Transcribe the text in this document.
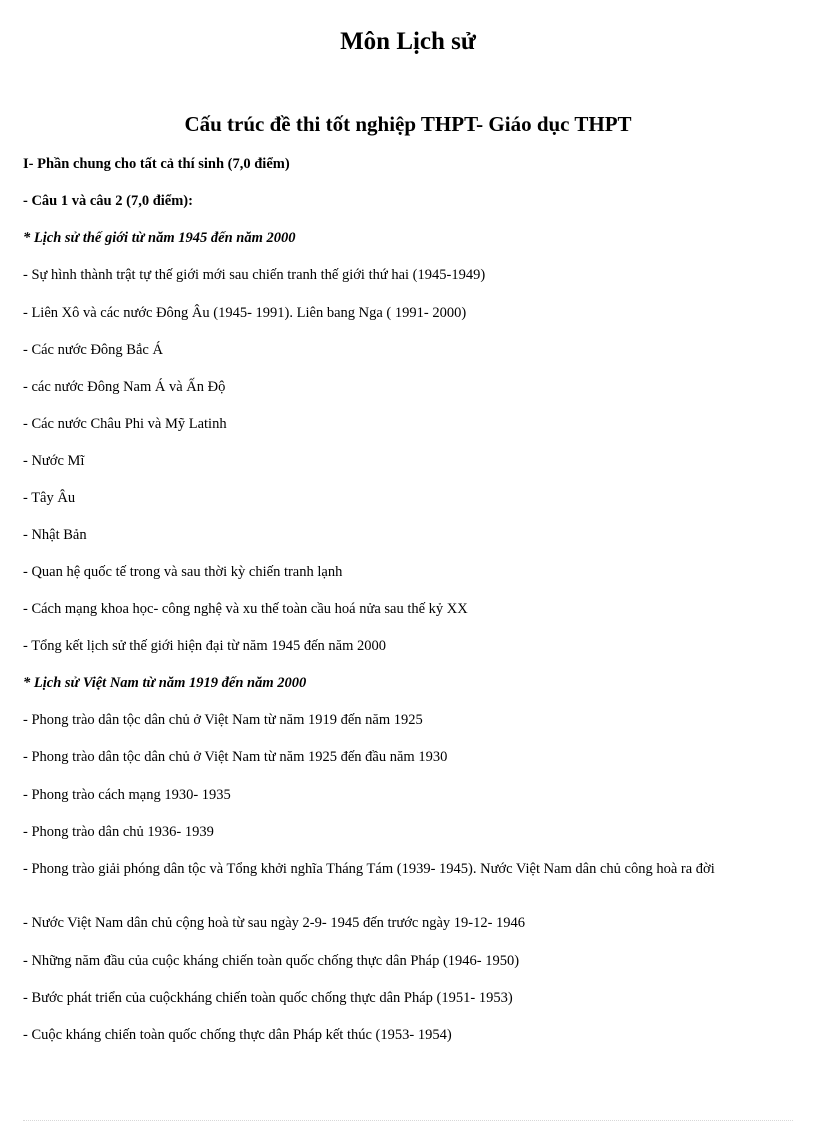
Môn Lịch sử
Cấu trúc đề thi tốt nghiệp THPT- Giáo dục THPT
I- Phần chung cho tất cả thí sinh (7,0 điểm)
- Câu 1 và câu 2 (7,0 điểm):
* Lịch sử thế giới từ năm 1945 đến năm 2000
- Sự hình thành trật tự thế giới mới sau chiến tranh thế giới thứ hai (1945-1949)
- Liên Xô và các nước Đông Âu (1945- 1991). Liên bang Nga ( 1991- 2000)
- Các nước Đông Bắc Á
- các nước Đông Nam Á và Ấn Độ
- Các nước Châu Phi và Mỹ Latinh
- Nước Mĩ
- Tây Âu
- Nhật Bản
- Quan hệ quốc tế trong và sau thời kỳ chiến tranh lạnh
- Cách mạng khoa học- công nghệ và xu thế toàn cầu hoá nửa sau thế kỷ XX
- Tổng kết lịch sử thế giới hiện đại từ năm 1945 đến năm 2000
* Lịch sử Việt Nam từ năm 1919 đến năm 2000
- Phong trào dân tộc dân chủ ở Việt Nam từ năm 1919 đến năm 1925
- Phong trào dân tộc dân chủ ở Việt Nam từ năm 1925 đến đầu năm 1930
- Phong trào cách mạng 1930- 1935
- Phong trào dân chủ 1936- 1939
- Phong trào giải phóng dân tộc và Tổng khởi nghĩa Tháng Tám (1939- 1945). Nước Việt Nam dân chủ công hoà ra đời
- Nước Việt Nam dân chủ cộng hoà từ sau ngày 2-9- 1945 đến trước ngày 19-12- 1946
- Những năm đầu của cuộc kháng chiến toàn quốc chống thực dân Pháp (1946- 1950)
- Bước phát triển của cuộckháng chiến toàn quốc chống thực dân Pháp (1951- 1953)
- Cuộc kháng chiến toàn quốc chống thực dân Pháp kết thúc (1953- 1954)
